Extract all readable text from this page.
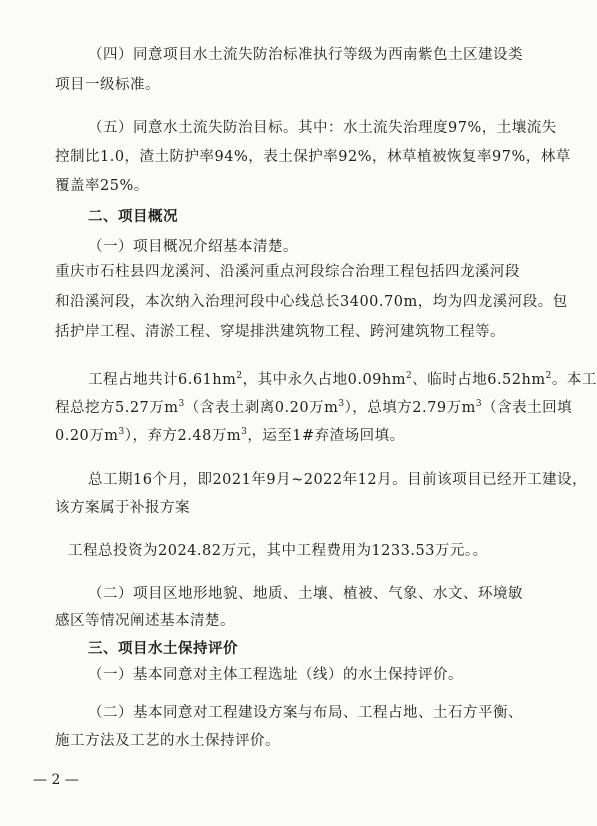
（四）同意项目水土流失防治标准执行等级为西南紫色土区建设类
项目一级标准。
（五）同意水土流失防治目标。其中：水土流失治理度97%，土壤流失
控制比1.0，渣土防护率94%，表土保护率92%，林草植被恢复率97%，林草
覆盖率25%。
二、项目概况
（一）项目概况介绍基本清楚。
重庆市石柱县四龙溪河、沿溪河重点河段综合治理工程包括四龙溪河段
和沿溪河段，本次纳入治理河段中心线总长3400.70m，均为四龙溪河段。包
括护岸工程、清淤工程、穿堤排洪建筑物工程、跨河建筑物工程等。
工程占地共计$6.61hm^2$，其中永久占地$0.09hm^2$、临时占地$6.52hm^2$。本工
程总挖方5.27万$m^3$（含表土剥离0.20万$m^3$），总填方2.79万$m^3$（含表土回填
0.20万$m^3$），弃方2.48万$m^3$，运至1#弃渣场回填。
总工期16个月，即2021年9月~2022年12月。目前该项目已经开工建设，
该方案属于补报方案
工程总投资为2024.82万元，其中工程费用为1233.53万元。。
（二）项目区地形地貌、地质、土壤、植被、气象、水文、环境敏
感区等情况阐述基本清楚。
三、项目水土保持评价
（一）基本同意对主体工程选址（线）的水土保持评价。
（二）基本同意对工程建设方案与布局、工程占地、土石方平衡、
施工方法及工艺的水土保持评价。
— 2 —
